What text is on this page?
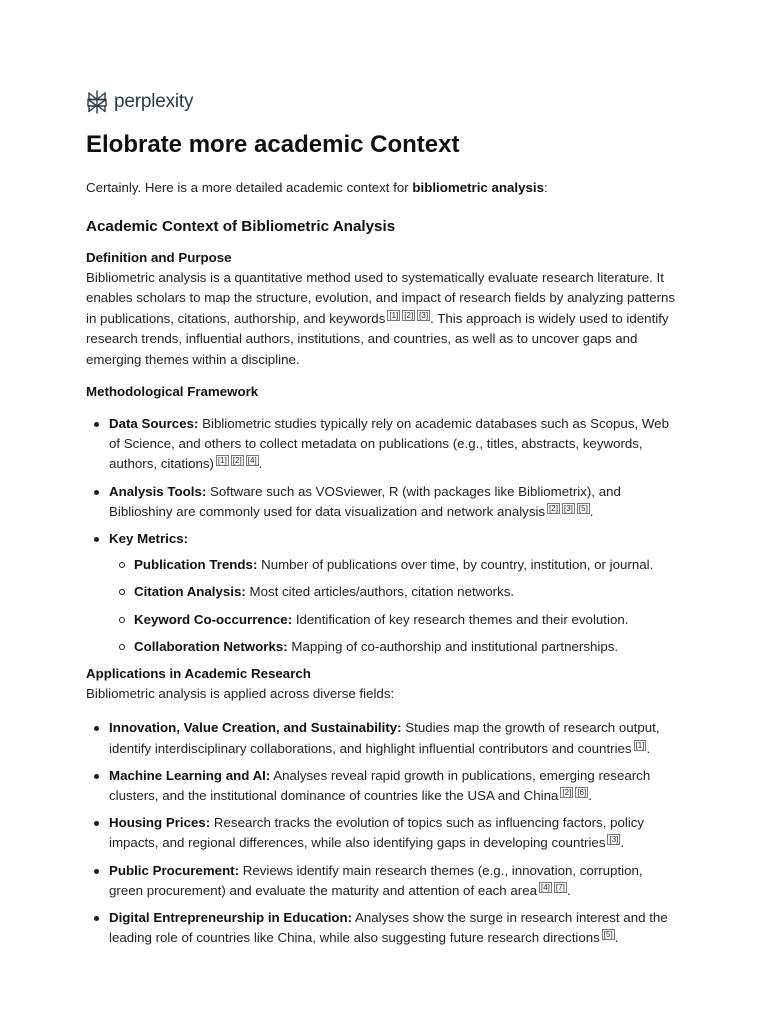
perplexity
Elobrate more academic Context

Certainly. Here is a more detailed academic context for bibliometric analysis:

Academic Context of Bibliometric Analysis
Definition and Purpose

Bibliometric analysis is a quantitative method used to systematically evaluate research literature. It enables scholars to map the structure, evolution, and impact of research fields by analyzing patterns in publications, citations, authorship, and keywords [1] [2] [3] . This approach is widely used to identify research trends, influential authors, institutions, and countries, as well as to uncover gaps and emerging themes within a discipline.

Methodological Framework
Data Sources: Bibliometric studies typically rely on academic databases such as Scopus, Web of Science, and others to collect metadata on publications (e.g., titles, abstracts, keywords, authors, citations) [1] [2] [4] .
Analysis Tools: Software such as VOSviewer, R (with packages like Bibliometrix), and Biblioshiny are commonly used for data visualization and network analysis [2] [3] [5] .
Key Metrics:
Publication Trends: Number of publications over time, by country, institution, or journal.
Citation Analysis: Most cited articles/authors, citation networks.
Keyword Co-occurrence: Identification of key research themes and their evolution.
Collaboration Networks: Mapping of co-authorship and institutional partnerships.
Applications in Academic Research

Bibliometric analysis is applied across diverse fields:

Innovation, Value Creation, and Sustainability: Studies map the growth of research output, identify interdisciplinary collaborations, and highlight influential contributors and countries [1] .
Machine Learning and AI: Analyses reveal rapid growth in publications, emerging research clusters, and the institutional dominance of countries like the USA and China [2] [6] .
Housing Prices: Research tracks the evolution of topics such as influencing factors, policy impacts, and regional differences, while also identifying gaps in developing countries [3] .
Public Procurement: Reviews identify main research themes (e.g., innovation, corruption, green procurement) and evaluate the maturity and attention of each area [4] [7] .
Digital Entrepreneurship in Education: Analyses show the surge in research interest and the leading role of countries like China, while also suggesting future research directions [5] .
